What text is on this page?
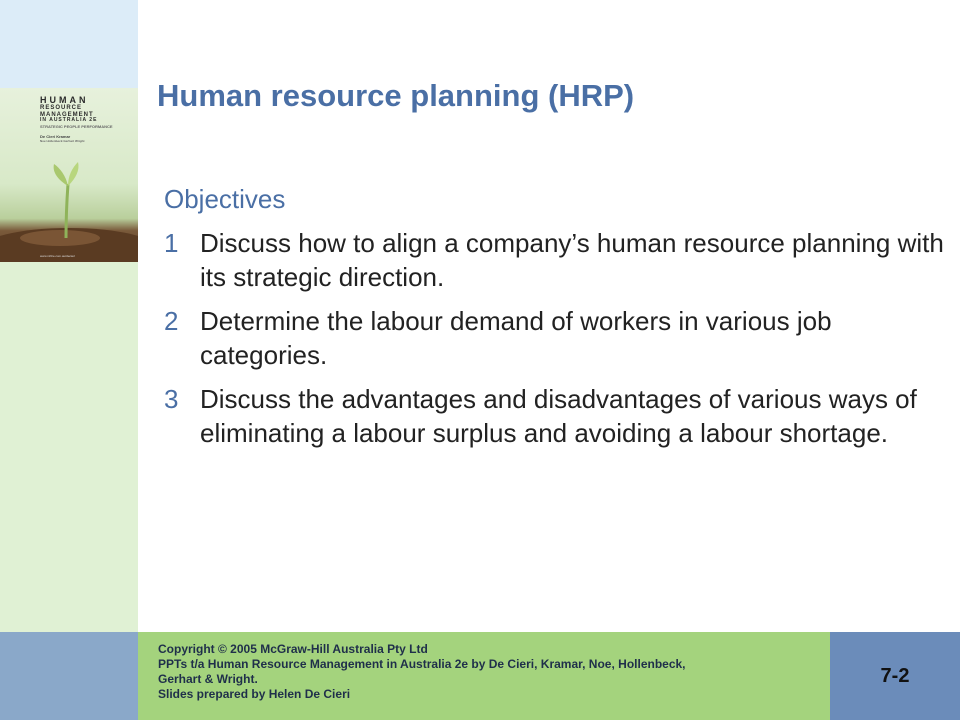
HUMAN
RESOURCE
MANAGEMENT
IN AUSTRALIA 2E
STRATEGIC PEOPLE PERFORMANCE
De Cieri Kramar
Noe Hollenbeck Gerhart Wright
www.mhhe.com.au/decieri
Human resource planning (HRP)
Objectives
1 Discuss how to align a company’s human resource planning with its strategic direction.
2 Determine the labour demand of workers in various job categories.
3 Discuss the advantages and disadvantages of various ways of eliminating a labour surplus and avoiding a labour shortage.
Copyright © 2005 McGraw-Hill Australia Pty Ltd
PPTs t/a Human Resource Management in Australia 2e by De Cieri, Kramar, Noe, Hollenbeck,
Gerhart & Wright.
Slides prepared by Helen De Cieri
7-2
